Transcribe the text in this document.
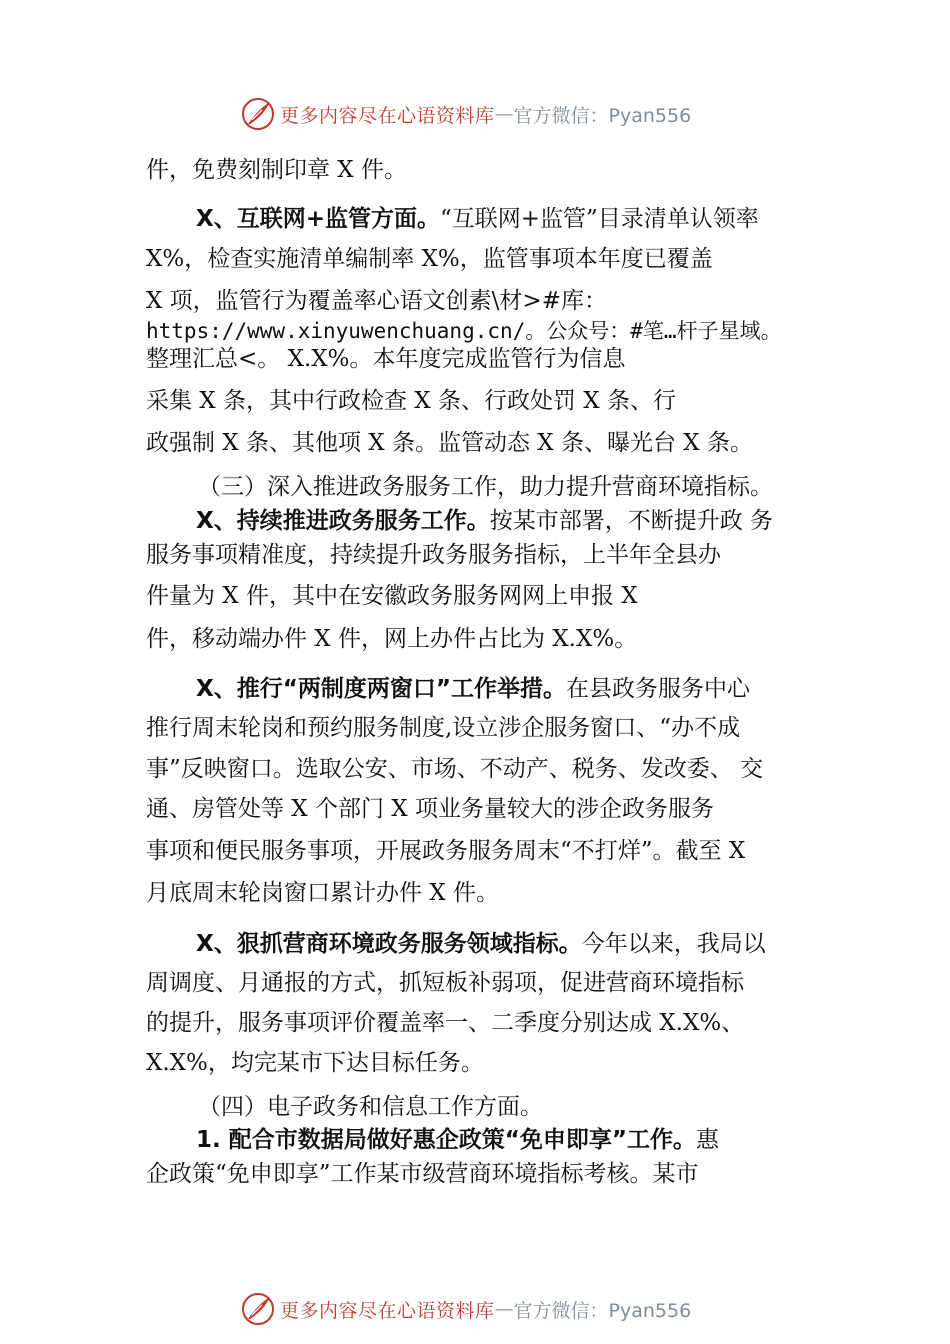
更多内容尽在心语资料库 — 官方微信：Pyan556
件，免费刻制印章 X 件。
X、互联网+监管方面。“互联网+监管”目录清单认领率
X%，检查实施清单编制率 X%，监管事项本年度已覆盖
X 项，监管行为覆盖率心语文创素\材>#库：
https://www.xinyuwenchuang.cn/。公众号：#笔…杆子星域。
整理汇总<。 X.X%。本年度完成监管行为信息
采集 X 条，其中行政检查 X 条、行政处罚 X 条、行
政强制 X 条、其他项 X 条。监管动态 X 条、曝光台 X 条。
（三）深入推进政务服务工作，助力提升营商环境指标。
X、持续推进政务服务工作。按某市部署，不断提升政 务
服务事项精准度，持续提升政务服务指标，上半年全县办
件量为 X 件，其中在安徽政务服务网网上申报 X
件，移动端办件 X 件，网上办件占比为 X.X%。
X、推行“两制度两窗口”工作举措。在县政务服务中心
推行周末轮岗和预约服务制度,设立涉企服务窗口、“办不成
事”反映窗口。选取公安、市场、不动产、税务、发改委、 交
通、房管处等 X 个部门 X 项业务量较大的涉企政务服务
事项和便民服务事项，开展政务服务周末“不打烊”。截至 X
月底周末轮岗窗口累计办件 X 件。
X、狠抓营商环境政务服务领域指标。今年以来，我局以
周调度、月通报的方式，抓短板补弱项，促进营商环境指标
的提升，服务事项评价覆盖率一、二季度分别达成 X.X%、
X.X%，均完某市下达目标任务。
（四）电子政务和信息工作方面。
1. 配合市数据局做好惠企政策“免申即享”工作。惠
企政策“免申即享”工作某市级营商环境指标考核。某市
更多内容尽在心语资料库 — 官方微信：Pyan556
